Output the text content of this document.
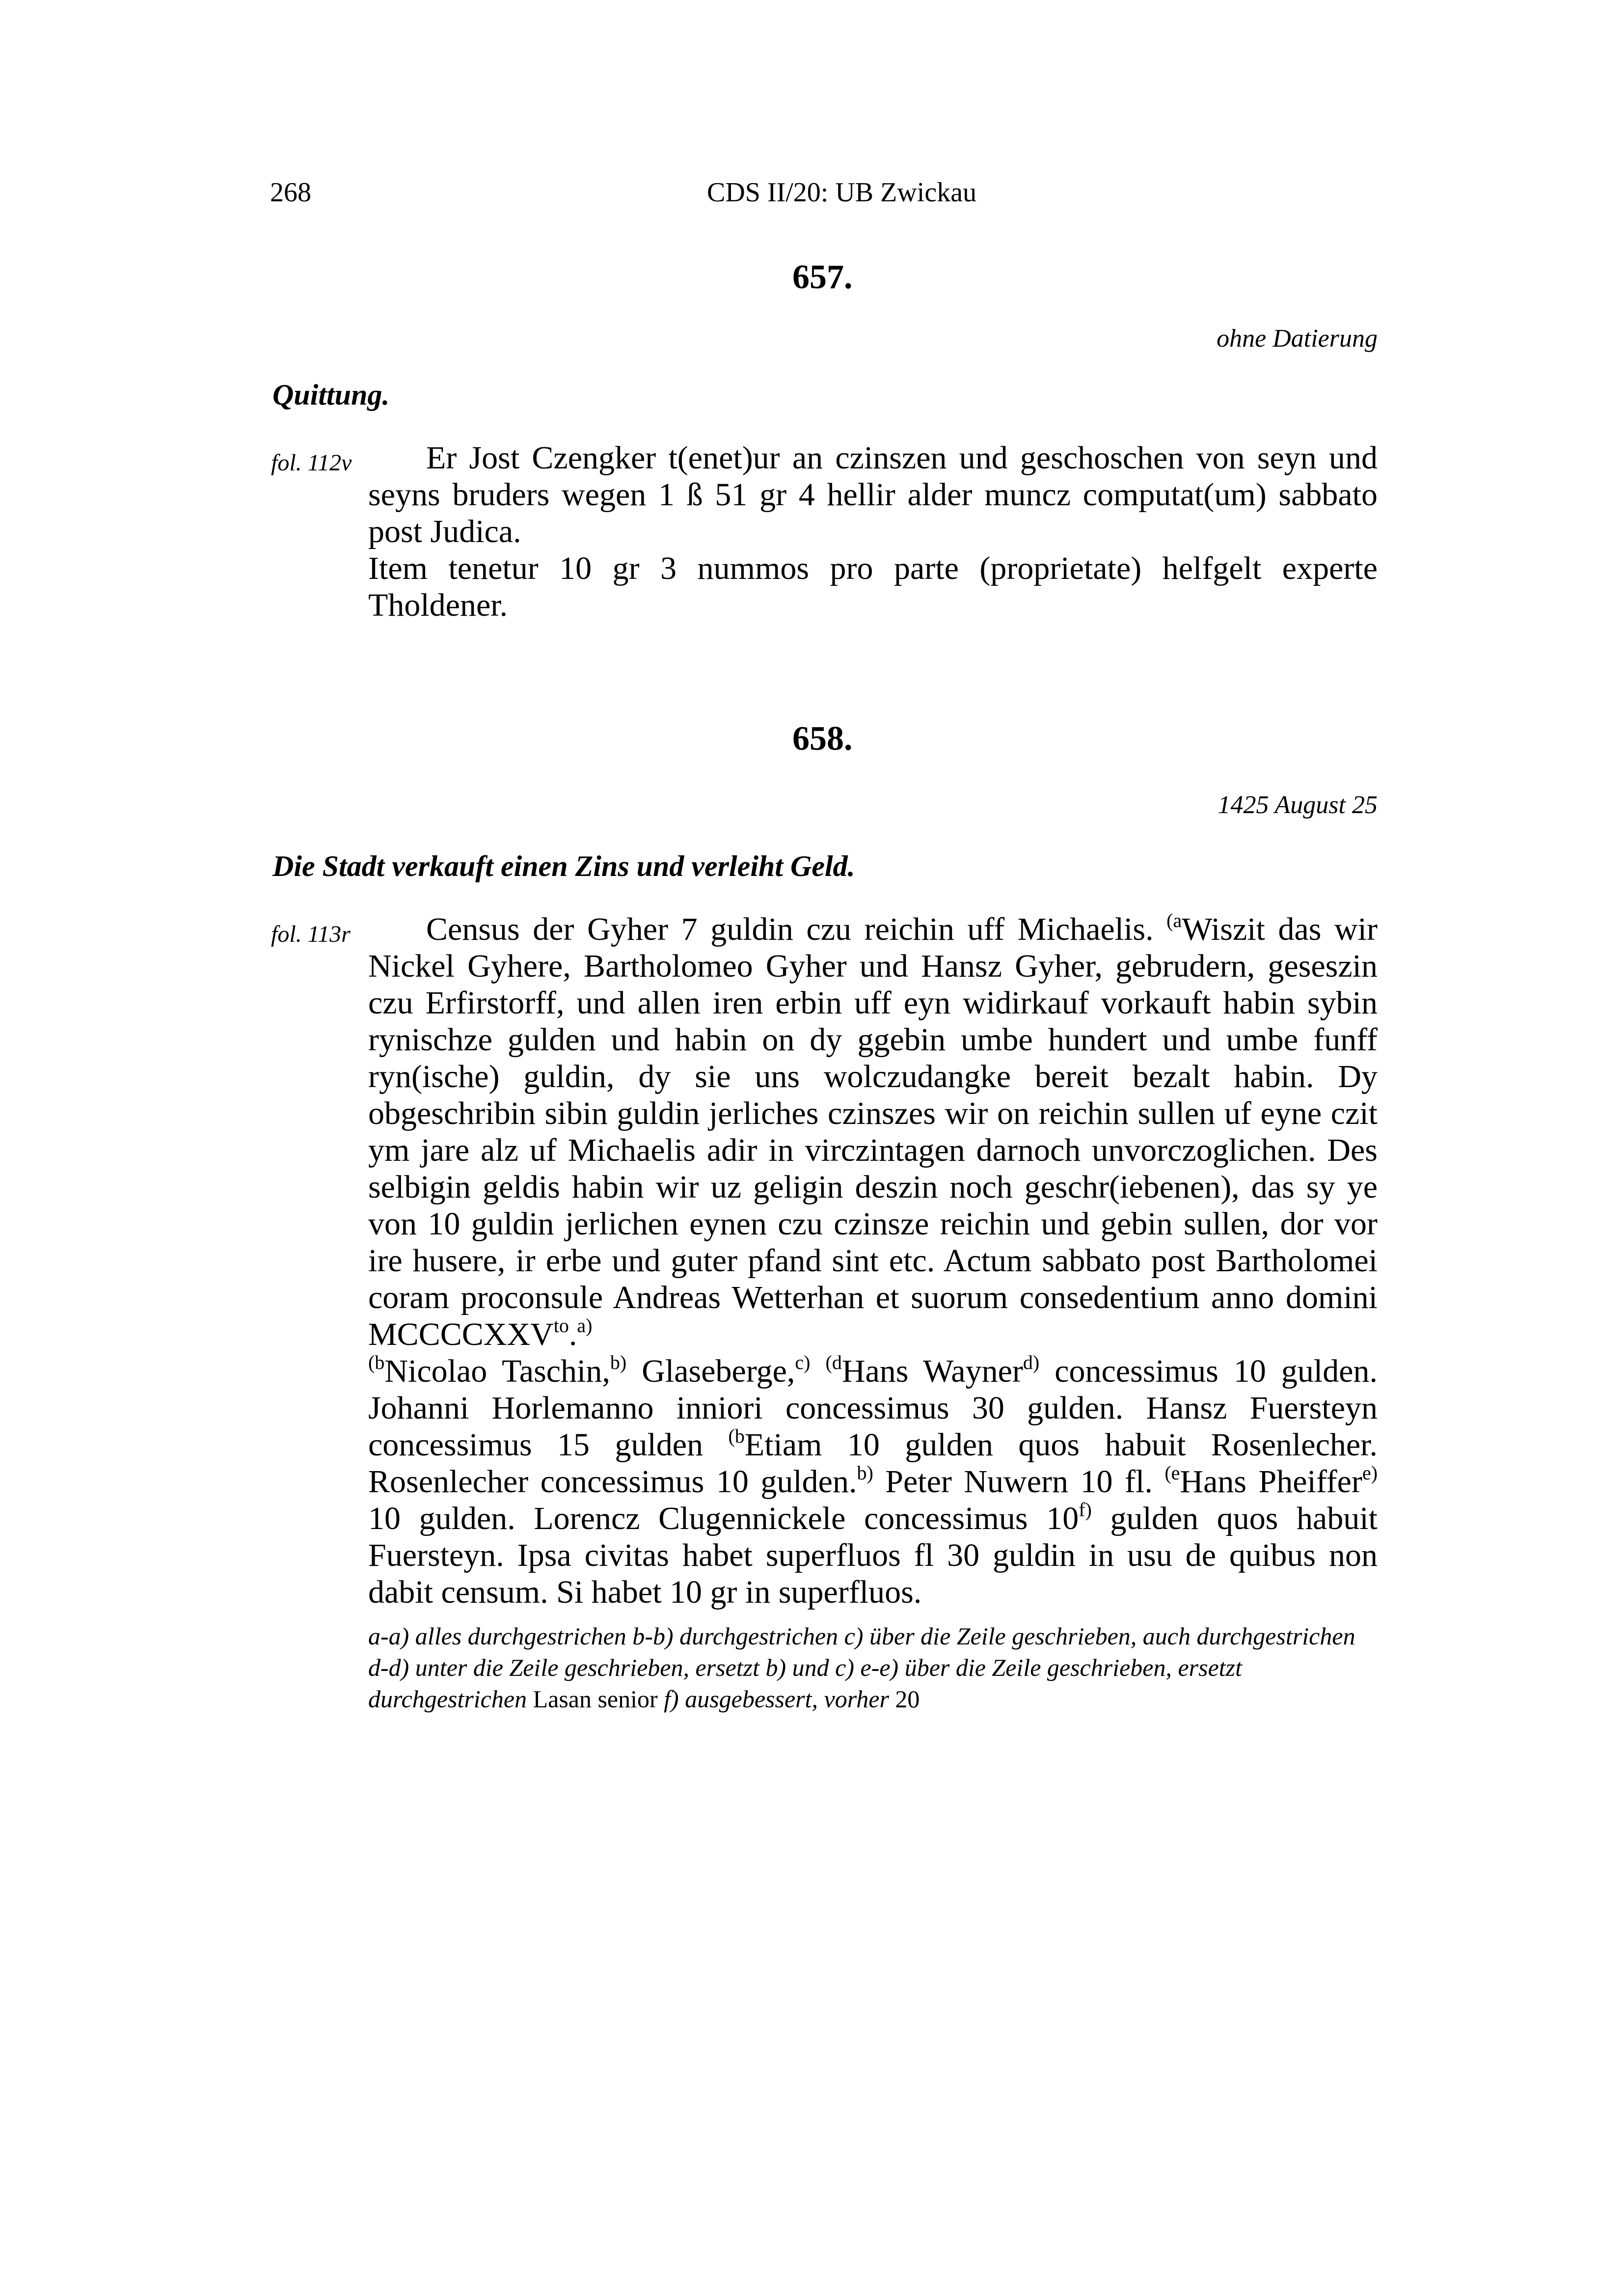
268	CDS II/20: UB Zwickau
657.
ohne Datierung
Quittung.
fol. 112v	Er Jost Czengker t(enet)ur an czinszen und geschoschen von seyn und seyns bruders wegen 1 ß 51 gr 4 hellir alder muncz computat(um) sabbato post Judica.

Item tenetur 10 gr 3 nummos pro parte (proprietate) helfgelt experte Tholdener.

658.
1425 August 25
Die Stadt verkauft einen Zins und verleiht Geld.
fol. 113r	Census der Gyher 7 guldin czu reichin uff Michaelis. $^{(a}$Wiszit das wir Nickel Gyhere, Bartholomeo Gyher und Hansz Gyher, gebrudern, geseszin czu Erfirstorff, und allen iren erbin uff eyn widirkauf vorkauft habin sybin rynischze gulden und habin on dy ggebin umbe hundert und umbe funff ryn(ische) guldin, dy sie uns wolczudangke bereit bezalt habin. Dy obgeschribin sibin guldin jerliches czinszes wir on reichin sullen uf eyne czit ym jare alz uf Michaelis adir in virczintagen darnoch unvorczoglichen. Des selbigin geldis habin wir uz geligin deszin noch geschr(iebenen), das sy ye von 10 guldin jerlichen eynen czu czinsze reichin und gebin sullen, dor vor ire husere, ir erbe und guter pfand sint etc. Actum sabbato post Bartholomei coram proconsule Andreas Wetterhan et suorum consedentium anno domini $MCCCCXXV^{to}.^{a)}$

$^{(b}$Nicolao Taschin,$^{b)}$ Glaseberge,$^{c)}$ $^{(d}$Hans Wayner$^{d)}$ concessimus 10 gulden. Johanni Horlemanno inniori concessimus 30 gulden. Hansz Fuersteyn concessimus 15 gulden $^{(b}$Etiam 10 gulden quos habuit Rosenlecher. Rosenlecher concessimus 10 gulden.$^{b)}$ Peter Nuwern 10 fl. $^{(e}$Hans Pheiffer$^{e)}$ 10 gulden. Lorencz Clugennickele concessimus 10$^{f)}$ gulden quos habuit Fuersteyn. Ipsa civitas habet superfluos fl 30 guldin in usu de quibus non dabit censum. Si habet 10 gr in superfluos.

a-a) alles durchgestrichen b-b) durchgestrichen c) über die Zeile geschrieben, auch durchgestrichen d-d) unter die Zeile geschrieben, ersetzt b) und c) e-e) über die Zeile geschrieben, ersetzt durchgestrichen Lasan senior f) ausgebessert, vorher 20
